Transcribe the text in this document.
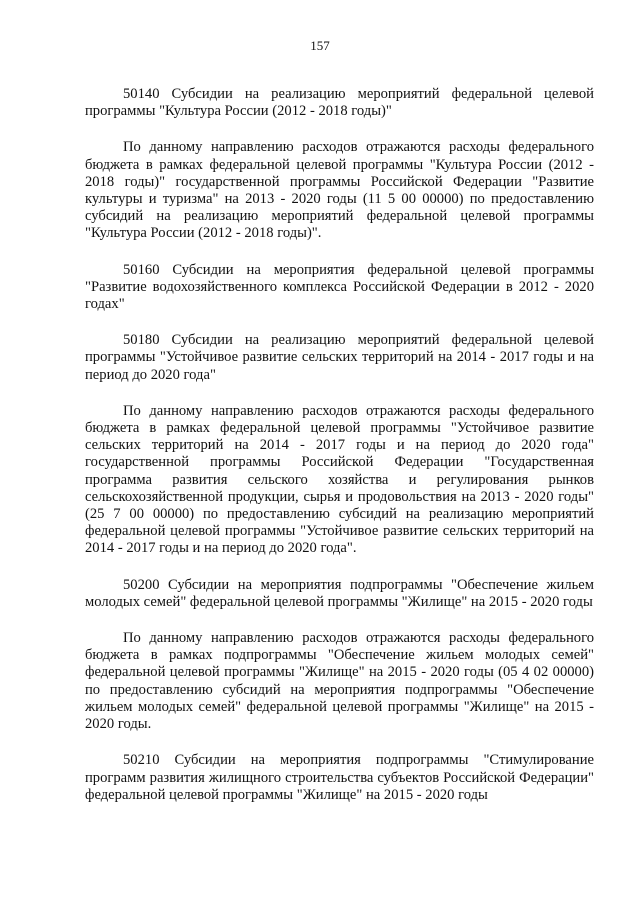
157

50140 Субсидии на реализацию мероприятий федеральной целевой программы "Культура России (2012 - 2018 годы)"

По данному направлению расходов отражаются расходы федерального бюджета в рамках федеральной целевой программы "Культура России (2012 - 2018 годы)" государственной программы Российской Федерации "Развитие культуры и туризма" на 2013 - 2020 годы (11 5 00 00000) по предоставлению субсидий на реализацию мероприятий федеральной целевой программы "Культура России (2012 - 2018 годы)".

50160 Субсидии на мероприятия федеральной целевой программы "Развитие водохозяйственного комплекса Российской Федерации в 2012 - 2020 годах"

50180 Субсидии на реализацию мероприятий федеральной целевой программы "Устойчивое развитие сельских территорий на 2014 - 2017 годы и на период до 2020 года"

По данному направлению расходов отражаются расходы федерального бюджета в рамках федеральной целевой программы "Устойчивое развитие сельских территорий на 2014 - 2017 годы и на период до 2020 года" государственной программы Российской Федерации "Государственная программа развития сельского хозяйства и регулирования рынков сельскохозяйственной продукции, сырья и продовольствия на 2013 - 2020 годы" (25 7 00 00000) по предоставлению субсидий на реализацию мероприятий федеральной целевой программы "Устойчивое развитие сельских территорий на 2014 - 2017 годы и на период до 2020 года".

50200 Субсидии на мероприятия подпрограммы "Обеспечение жильем молодых семей" федеральной целевой программы "Жилище" на 2015 - 2020 годы

По данному направлению расходов отражаются расходы федерального бюджета в рамках подпрограммы "Обеспечение жильем молодых семей" федеральной целевой программы "Жилище" на 2015 - 2020 годы (05 4 02 00000) по предоставлению субсидий на мероприятия подпрограммы "Обеспечение жильем молодых семей" федеральной целевой программы "Жилище" на 2015 - 2020 годы.

50210 Субсидии на мероприятия подпрограммы "Стимулирование программ развития жилищного строительства субъектов Российской Федерации" федеральной целевой программы "Жилище" на 2015 - 2020 годы
